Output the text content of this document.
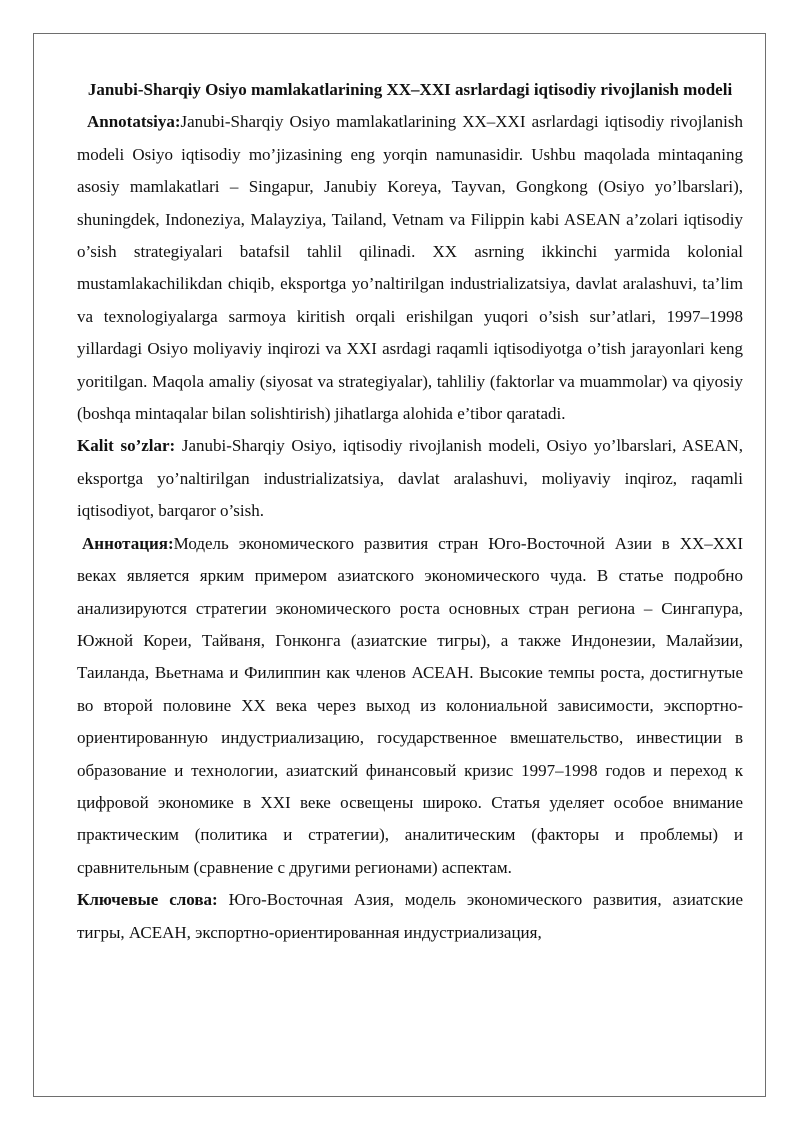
Janubi-Sharqiy Osiyo mamlakatlarining XX–XXI asrlardagi iqtisodiy rivojlanish modeli

Annotatsiya:Janubi-Sharqiy Osiyo mamlakatlarining XX–XXI asrlardagi iqtisodiy rivojlanish modeli Osiyo iqtisodiy mo’jizasining eng yorqin namunasidir. Ushbu maqolada mintaqaning asosiy mamlakatlari – Singapur, Janubiy Koreya, Tayvan, Gongkong (Osiyo yo’lbarslari), shuningdek, Indoneziya, Malayziya, Tailand, Vetnam va Filippin kabi ASEAN a’zolari iqtisodiy o’sish strategiyalari batafsil tahlil qilinadi. XX asrning ikkinchi yarmida kolonial mustamlakachilikdan chiqib, eksportga yo’naltirilgan industrializatsiya, davlat aralashuvi, ta’lim va texnologiyalarga sarmoya kiritish orqali erishilgan yuqori o’sish sur’atlari, 1997–1998 yillardagi Osiyo moliyaviy inqirozi va XXI asrdagi raqamli iqtisodiyotga o’tish jarayonlari keng yoritilgan. Maqola amaliy (siyosat va strategiyalar), tahliliy (faktorlar va muammolar) va qiyosiy (boshqa mintaqalar bilan solishtirish) jihatlarga alohida e’tibor qaratadi.

Kalit so’zlar: Janubi-Sharqiy Osiyo, iqtisodiy rivojlanish modeli, Osiyo yo’lbarslari, ASEAN, eksportga yo’naltirilgan industrializatsiya, davlat aralashuvi, moliyaviy inqiroz, raqamli iqtisodiyot, barqaror o’sish.

Аннотация:Модель экономического развития стран Юго-Восточной Азии в XX–XXI веках является ярким примером азиатского экономического чуда. В статье подробно анализируются стратегии экономического роста основных стран региона – Сингапура, Южной Кореи, Тайваня, Гонконга (азиатские тигры), а также Индонезии, Малайзии, Таиланда, Вьетнама и Филиппин как членов АСЕАН. Высокие темпы роста, достигнутые во второй половине XX века через выход из колониальной зависимости, экспортно-ориентированную индустриализацию, государственное вмешательство, инвестиции в образование и технологии, азиатский финансовый кризис 1997–1998 годов и переход к цифровой экономике в XXI веке освещены широко. Статья уделяет особое внимание практическим (политика и стратегии), аналитическим (факторы и проблемы) и сравнительным (сравнение с другими регионами) аспектам.

Ключевые слова: Юго-Восточная Азия, модель экономического развития, азиатские тигры, АСЕАН, экспортно-ориентированная индустриализация,
